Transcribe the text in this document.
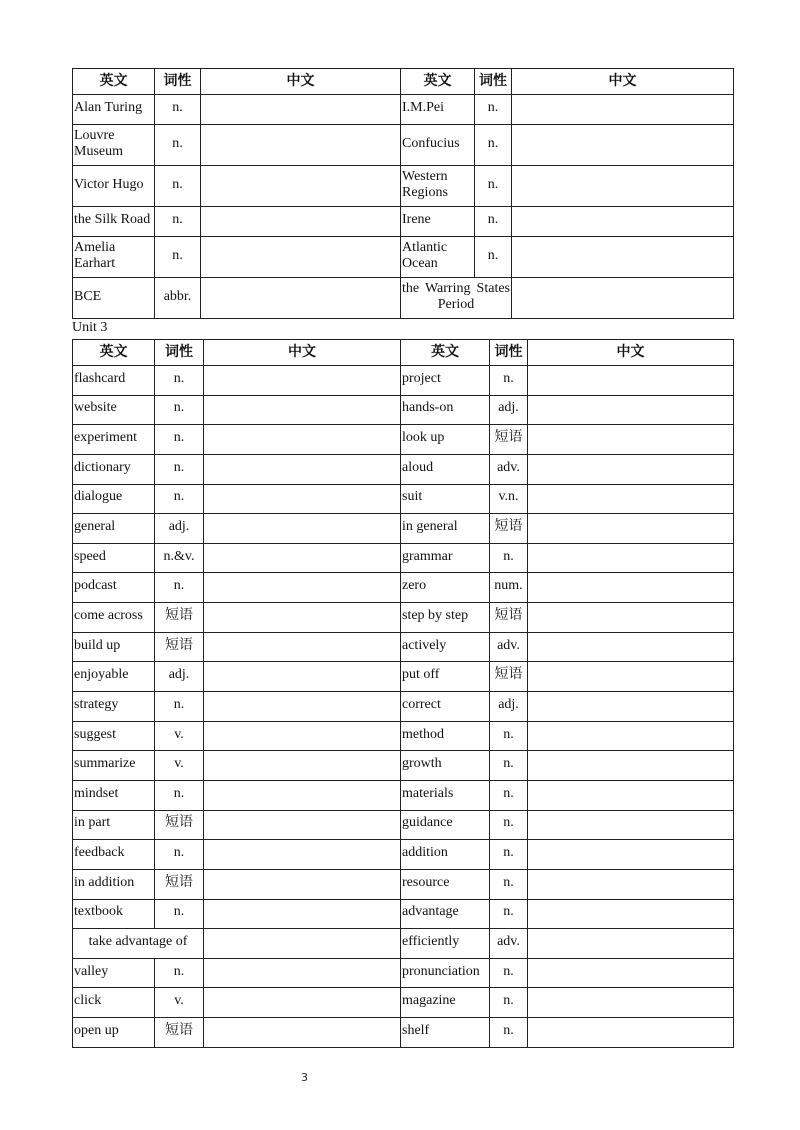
英文	词性	中文	英文	词性	中文
Alan Turing	n.		I.M.Pei	n.	
Louvre Museum	n.		Confucius	n.	
Victor Hugo	n.		Western Regions	n.	
the Silk Road	n.		Irene	n.	
Amelia Earhart	n.		Atlantic Ocean	n.	
BCE	abbr.		the Warring States Period		
Unit 3
英文	词性	中文	英文	词性	中文
flashcard	n.		project	n.	
website	n.		hands-on	adj.	
experiment	n.		look up	短语	
dictionary	n.		aloud	adv.	
dialogue	n.		suit	v.n.	
general	adj.		in general	短语	
speed	n.&v.		grammar	n.	
podcast	n.		zero	num.	
come across	短语		step by step	短语	
build up	短语		actively	adv.	
enjoyable	adj.		put off	短语	
strategy	n.		correct	adj.	
suggest	v.		method	n.	
summarize	v.		growth	n.	
mindset	n.		materials	n.	
in part	短语		guidance	n.	
feedback	n.		addition	n.	
in addition	短语		resource	n.	
textbook	n.		advantage	n.	
take advantage of			efficiently	adv.	
valley	n.		pronunciation	n.	
click	v.		magazine	n.	
open up	短语		shelf	n.	
3
